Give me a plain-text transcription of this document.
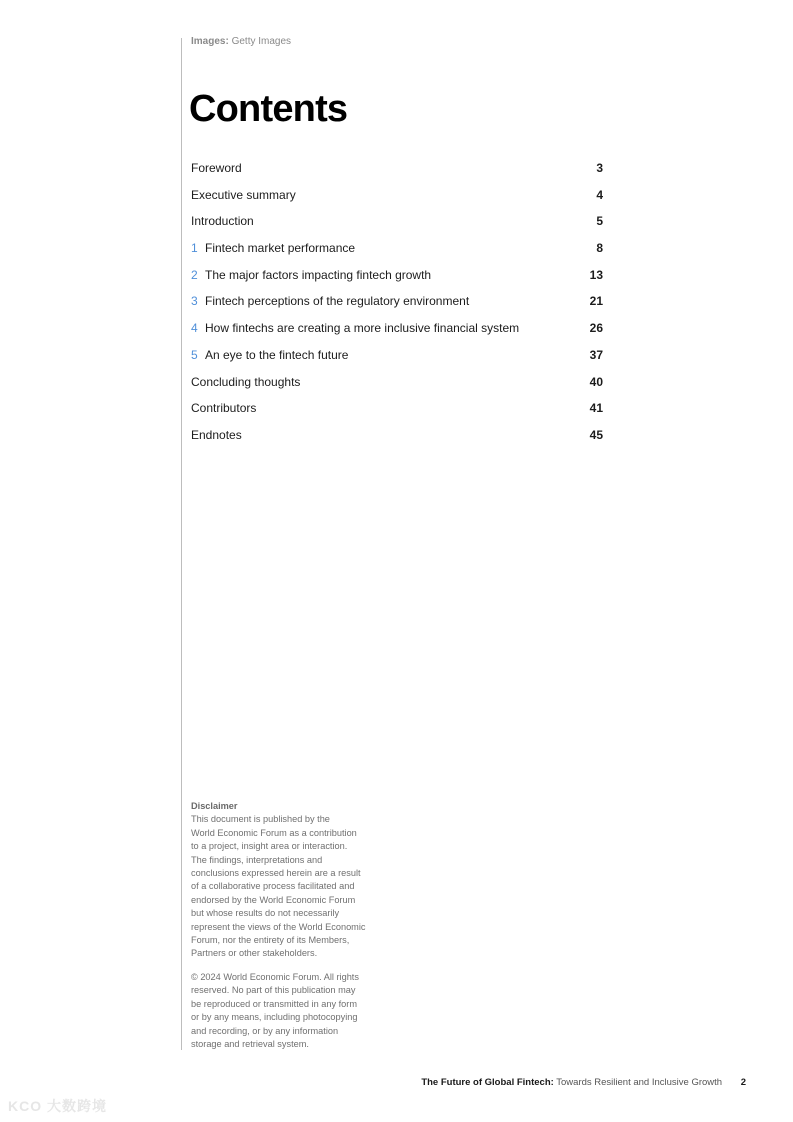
Images: Getty Images
Contents
Foreword	3
Executive summary	4
Introduction	5
1 Fintech market performance	8
2 The major factors impacting fintech growth	13
3 Fintech perceptions of the regulatory environment	21
4 How fintechs are creating a more inclusive financial system	26
5 An eye to the fintech future	37
Concluding thoughts	40
Contributors	41
Endnotes	45
Disclaimer

This document is published by the
World Economic Forum as a contribution
to a project, insight area or interaction.
The findings, interpretations and
conclusions expressed herein are a result
of a collaborative process facilitated and
endorsed by the World Economic Forum
but whose results do not necessarily
represent the views of the World Economic
Forum, nor the entirety of its Members,
Partners or other stakeholders.

© 2024 World Economic Forum. All rights
reserved. No part of this publication may
be reproduced or transmitted in any form
or by any means, including photocopying
and recording, or by any information
storage and retrieval system.

The Future of Global Fintech: Towards Resilient and Inclusive Growth 2
KCO 大数跨境
